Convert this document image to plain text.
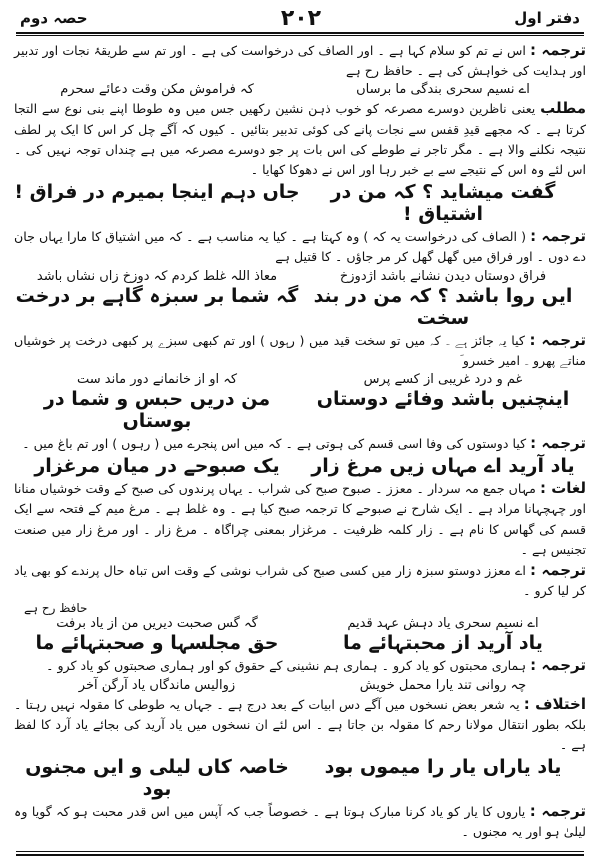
حصہ دوم	۲۰۲	دفتر اول

ترجمہ : اس نے تم کو سلام کہا ہے ۔ اور الصاف کی درخواست کی ہے ۔ اور تم سے طریقۂ نجات اور تدبیر اور ہدایت کی خواہش کی ہے ۔ حافظ رح ہے

اے نسیم سحری بندگی ما برساں
کہ فراموش مکن وقت دعائے سحرم

مطلب یعنی ناظرین دوسرے مصرعہ کو خوب ذہن نشین رکھیں جس میں وہ طوطا اپنے بنی نوع سے التجا کرتا ہے ۔ کہ مجھے قیدِ قفس سے نجات پانے کی کوئی تدبیر بتائیں ۔ کیوں کہ آگے چل کر اس کا ایک پر لطف نتیجہ نکلنے والا ہے ۔ مگر تاجر نے طوطے کی اس بات پر جو دوسرے مصرعہ میں ہے چنداں توجہ نہیں کی ۔ اس لئے وہ اس کے نتیجے سے بے خبر رہا اور اس نے دھوکا کھایا ۔

گفت میشاید ؟ کہ من در اشتیاق !
جاں دہم اینجا بمیرم در فراق !

ترجمہ : ( الصاف کی درخواست یہ کہ ) وہ کہتا ہے ۔ کیا یہ مناسب ہے ۔ کہ میں اشتیاق کا مارا یہاں جان دے دوں ۔ اور فراق میں گھل گھل کر مر جاؤں ۔ کا قتیل ہے

فراق دوستاں دیدن نشانے باشد اژدوزخ
معاذ اللہ غلط کردم کہ دوزخ زاں نشاں باشد
ایں روا باشد ؟ کہ من در بند سخت
گہ شما بر سبزہ گاہے بر درخت

ترجمہ : کیا یہ جائز ہے ۔ کہ میں تو سخت قید میں ( رہوں ) اور تم کبھی سبزے پر کبھی درخت پر خوشیاں مناتے پھرو ۔ امیر خسرو ؔ

غم و درد غریبی از کسے پرس
کہ او از خانمانے دور ماند ست
اینچنیں باشد وفائے دوستاں
من دریں حبس و شما در بوستاں

ترجمہ : کیا دوستوں کی وفا اسی قسم کی ہوتی ہے ۔ کہ میں اس پنجرے میں ( رہوں ) اور تم باغ میں ۔

یاد آرید اے مہاں زیں مرغ زار
یک صبوحے در میان مرغزار

لغات : مہاں جمع مہ سردار ۔ معزز ۔ صبوح صبح کی شراب ۔ یہاں پرندوں کی صبح کے وقت خوشیاں منانا اور چہچہانا مراد ہے ۔ ایک شارح نے صبوحے کا ترجمہ صبح کیا ہے ۔ وہ غلط ہے ۔ مرغ میم کے فتحہ سے ایک قسم کی گھاس کا نام ہے ۔ زار کلمہ ظرفیت ۔ مرغزار بمعنی چراگاہ ۔ مرغ زار ۔ اور مرغ زار میں صنعت تجنیس ہے ۔

ترجمہ : اے معزز دوستو سبزہ زار میں کسی صبح کی شراب نوشی کے وقت اس تباہ حال پرندے کو بھی یاد کر لیا کرو ۔

حافظ رح ہے
اے نسیم سحری یاد دہش عہد قدیم
گہ گس صحبت دیریں من از یاد برفت
یاد آرید از محبتہائے ما
حق مجلسہا و صحبتہائے ما

ترجمہ : ہماری محبتوں کو یاد کرو ۔ ہماری ہم نشینی کے حقوق کو اور ہماری صحبتوں کو یاد کرو ۔

چہ روانی تند یارا محمل خویش
زوالیس ماندگاں یاد آرگن آخر

اختلاف : یہ شعر بعض نسخوں میں آگے دس ابیات کے بعد درج ہے ۔ جہاں یہ طوطی کا مقولہ نہیں رہتا ۔ بلکہ بطور انتقال مولانا رحم کا مقولہ بن جاتا ہے ۔ اس لئے ان نسخوں میں یاد آرید کی بجائے یاد آرد کا لفظ ہے ۔

یاد یاراں یار را میموں بود
خاصہ کاں لیلی و ایں مجنوں بود

ترجمہ : یاروں کا یار کو یاد کرنا مبارک ہوتا ہے ۔ خصوصاً جب کہ آپس میں اس قدر محبت ہو کہ گویا وہ لیلیٰ ہو اور یہ مجنوں ۔
